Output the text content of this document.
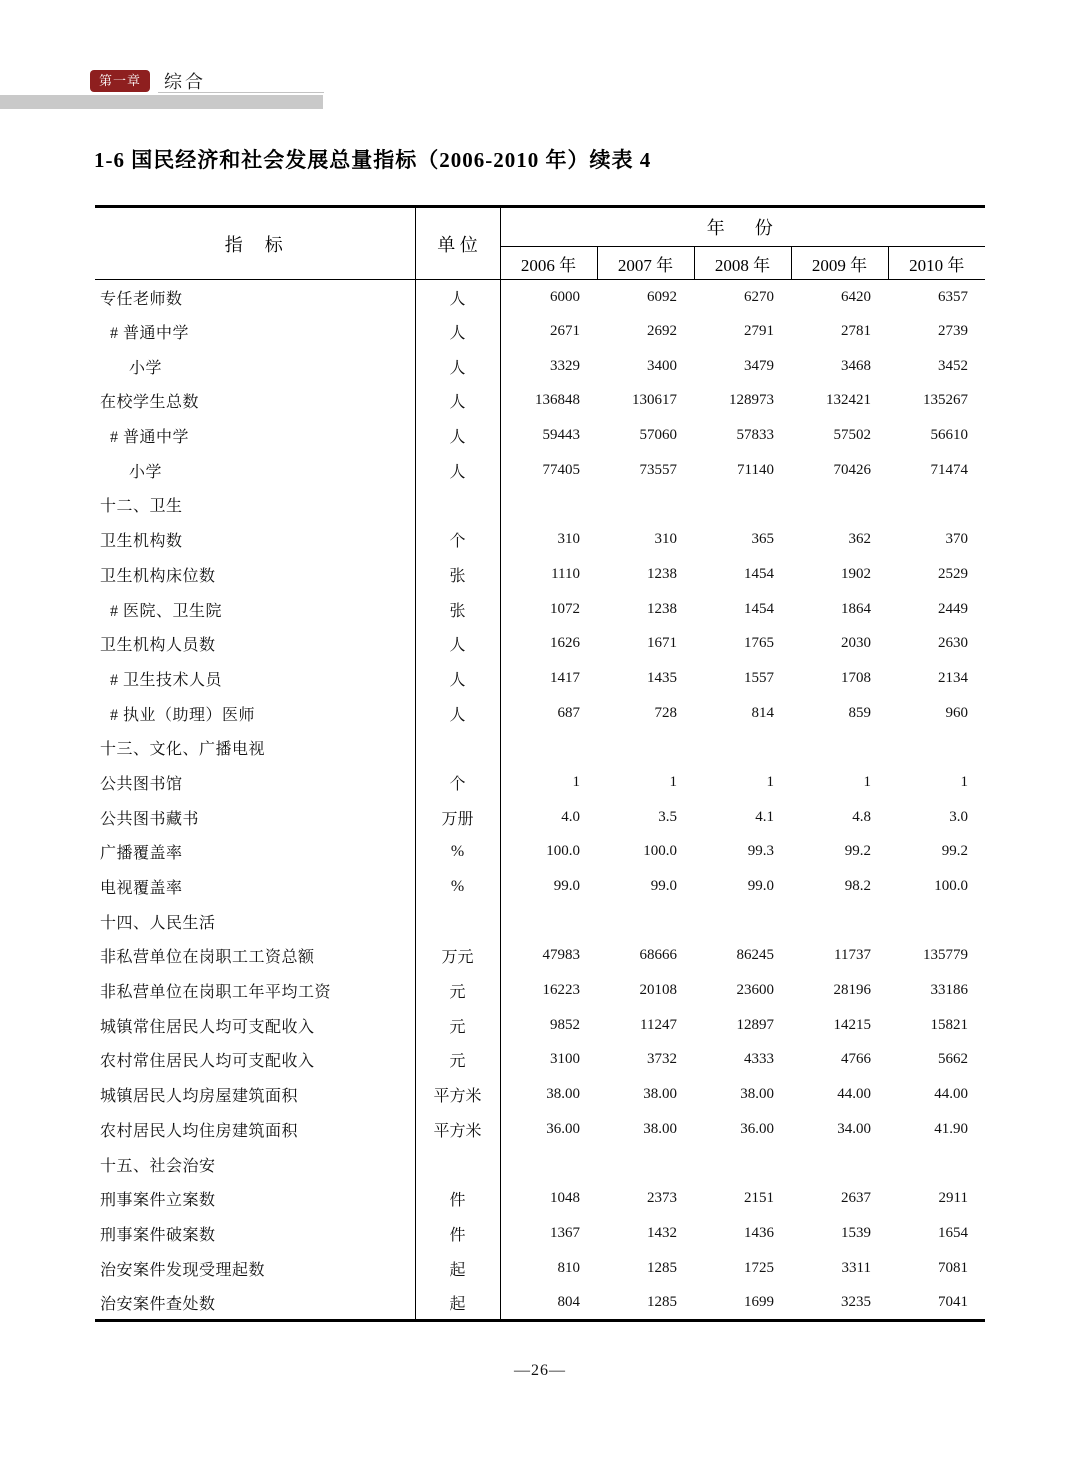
第一章	综合
1-6 国民经济和社会发展总量指标（2006-2010 年）续表 4
指　标	单 位	年　份				
		2006 年	2007 年	2008 年	2009 年	2010 年
专任老师数	人	6000	6092	6270	6420	6357
# 普通中学	人	2671	2692	2791	2781	2739
小学	人	3329	3400	3479	3468	3452
在校学生总数	人	136848	130617	128973	132421	135267
# 普通中学	人	59443	57060	57833	57502	56610
小学	人	77405	73557	71140	70426	71474
十二、卫生						
卫生机构数	个	310	310	365	362	370
卫生机构床位数	张	1110	1238	1454	1902	2529
# 医院、卫生院	张	1072	1238	1454	1864	2449
卫生机构人员数	人	1626	1671	1765	2030	2630
# 卫生技术人员	人	1417	1435	1557	1708	2134
# 执业（助理）医师	人	687	728	814	859	960
十三、文化、广播电视						
公共图书馆	个	1	1	1	1	1
公共图书藏书	万册	4.0	3.5	4.1	4.8	3.0
广播覆盖率	%	100.0	100.0	99.3	99.2	99.2
电视覆盖率	%	99.0	99.0	99.0	98.2	100.0
十四、人民生活						
非私营单位在岗职工工资总额	万元	47983	68666	86245	11737	135779
非私营单位在岗职工年平均工资	元	16223	20108	23600	28196	33186
城镇常住居民人均可支配收入	元	9852	11247	12897	14215	15821
农村常住居民人均可支配收入	元	3100	3732	4333	4766	5662
城镇居民人均房屋建筑面积	平方米	38.00	38.00	38.00	44.00	44.00
农村居民人均住房建筑面积	平方米	36.00	38.00	36.00	34.00	41.90
十五、社会治安						
刑事案件立案数	件	1048	2373	2151	2637	2911
刑事案件破案数	件	1367	1432	1436	1539	1654
治安案件发现受理起数	起	810	1285	1725	3311	7081
治安案件查处数	起	804	1285	1699	3235	7041
—26—
